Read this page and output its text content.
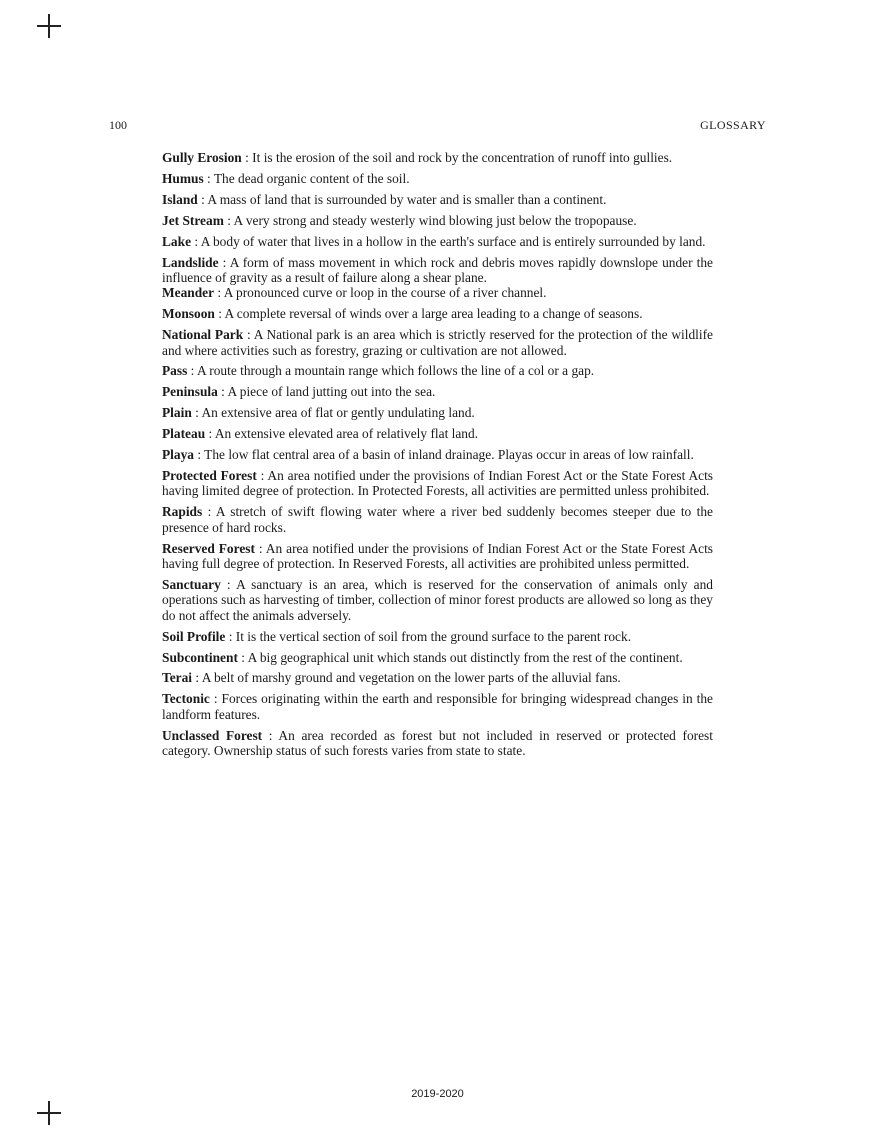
100	GLOSSARY

Gully Erosion : It is the erosion of the soil and rock by the concentration of runoff into gullies.

Humus : The dead organic content of the soil.

Island : A mass of land that is surrounded by water and is smaller than a continent.

Jet Stream : A very strong and steady westerly wind blowing just below the tropopause.

Lake : A body of water that lives in a hollow in the earth's surface and is entirely surrounded by land.

Landslide : A form of mass movement in which rock and debris moves rapidly downslope under the influence of gravity as a result of failure along a shear plane.

Meander : A pronounced curve or loop in the course of a river channel.

Monsoon : A complete reversal of winds over a large area leading to a change of seasons.

National Park : A National park is an area which is strictly reserved for the protection of the wildlife and where activities such as forestry, grazing or cultivation are not allowed.

Pass : A route through a mountain range which follows the line of a col or a gap.

Peninsula : A piece of land jutting out into the sea.

Plain : An extensive area of flat or gently undulating land.

Plateau : An extensive elevated area of relatively flat land.

Playa : The low flat central area of a basin of inland drainage. Playas occur in areas of low rainfall.

Protected Forest : An area notified under the provisions of Indian Forest Act or the State Forest Acts having limited degree of protection. In Protected Forests, all activities are permitted unless prohibited.

Rapids : A stretch of swift flowing water where a river bed suddenly becomes steeper due to the presence of hard rocks.

Reserved Forest : An area notified under the provisions of Indian Forest Act or the State Forest Acts having full degree of protection. In Reserved Forests, all activities are prohibited unless permitted.

Sanctuary : A sanctuary is an area, which is reserved for the conservation of animals only and operations such as harvesting of timber, collection of minor forest products are allowed so long as they do not affect the animals adversely.

Soil Profile : It is the vertical section of soil from the ground surface to the parent rock.

Subcontinent : A big geographical unit which stands out distinctly from the rest of the continent.

Terai : A belt of marshy ground and vegetation on the lower parts of the alluvial fans.

Tectonic : Forces originating within the earth and responsible for bringing widespread changes in the landform features.

Unclassed Forest : An area recorded as forest but not included in reserved or protected forest category. Ownership status of such forests varies from state to state.

2019-2020
